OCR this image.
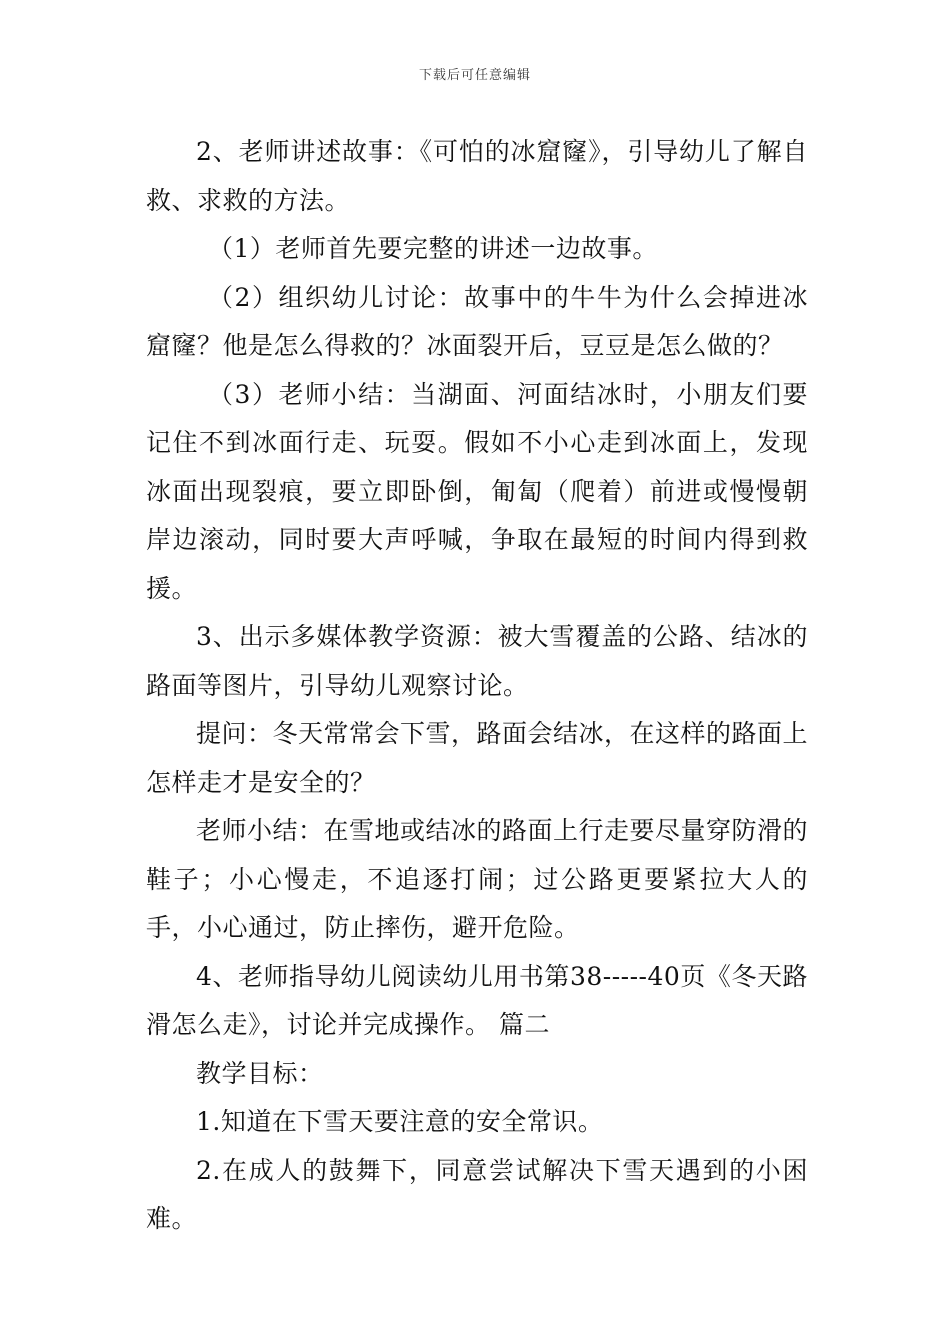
下载后可任意编辑

2、老师讲述故事：《可怕的冰窟窿》，引导幼儿了解自救、求救的方法。

（1）老师首先要完整的讲述一边故事。

（2）组织幼儿讨论：故事中的牛牛为什么会掉进冰窟窿？他是怎么得救的？冰面裂开后，豆豆是怎么做的？

（3）老师小结：当湖面、河面结冰时，小朋友们要记住不到冰面行走、玩耍。假如不小心走到冰面上，发现冰面出现裂痕，要立即卧倒，匍匐（爬着）前进或慢慢朝岸边滚动，同时要大声呼喊，争取在最短的时间内得到救援。

3、出示多媒体教学资源：被大雪覆盖的公路、结冰的路面等图片，引导幼儿观察讨论。

提问：冬天常常会下雪，路面会结冰，在这样的路面上怎样走才是安全的？

老师小结：在雪地或结冰的路面上行走要尽量穿防滑的鞋子；小心慢走，不追逐打闹；过公路更要紧拉大人的手，小心通过，防止摔伤，避开危险。

4、老师指导幼儿阅读幼儿用书第38-----40页《冬天路滑怎么走》，讨论并完成操作。 篇二

教学目标：

1.知道在下雪天要注意的安全常识。

2.在成人的鼓舞下，同意尝试解决下雪天遇到的小困难。
